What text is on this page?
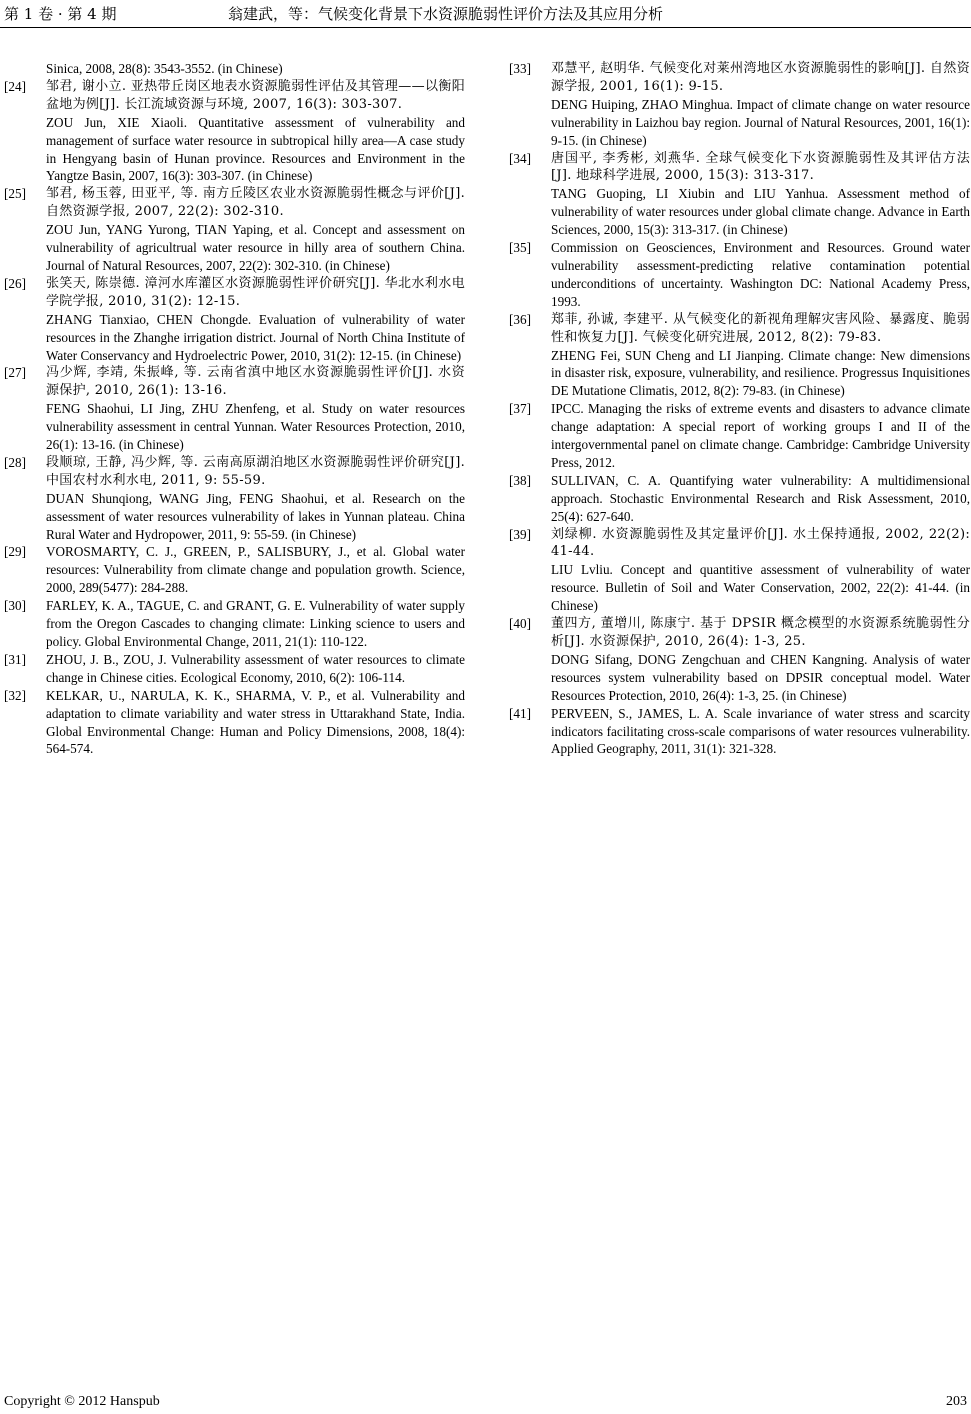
第 1 卷 · 第 4 期	翁建武，等：气候变化背景下水资源脆弱性评价方法及其应用分析

Sinica, 2008, 28(8): 3543-3552. (in Chinese)

[24] 邹君, 谢小立. 亚热带丘岗区地表水资源脆弱性评估及其管理——以衡阳盆地为例[J]. 长江流域资源与环境, 2007, 16(3): 303-307.

ZOU Jun, XIE Xiaoli. Quantitative assessment of vulnerability and management of surface water resource in subtropical hilly area—A case study in Hengyang basin of Hunan province. Resources and Environment in the Yangtze Basin, 2007, 16(3): 303-307. (in Chinese)

[25] 邹君, 杨玉蓉, 田亚平, 等. 南方丘陵区农业水资源脆弱性概念与评价[J]. 自然资源学报, 2007, 22(2): 302-310.

ZOU Jun, YANG Yurong, TIAN Yaping, et al. Concept and assessment on vulnerability of agricultrual water resource in hilly area of southern China. Journal of Natural Resources, 2007, 22(2): 302-310. (in Chinese)

[26] 张笑天, 陈崇德. 漳河水库灌区水资源脆弱性评价研究[J]. 华北水利水电学院学报, 2010, 31(2): 12-15.

ZHANG Tianxiao, CHEN Chongde. Evaluation of vulnerability of water resources in the Zhanghe irrigation district. Journal of North China Institute of Water Conservancy and Hydroelectric Power, 2010, 31(2): 12-15. (in Chinese)

[27] 冯少辉, 李靖, 朱振峰, 等. 云南省滇中地区水资源脆弱性评价[J]. 水资源保护, 2010, 26(1): 13-16.

FENG Shaohui, LI Jing, ZHU Zhenfeng, et al. Study on water resources vulnerability assessment in central Yunnan. Water Resources Protection, 2010, 26(1): 13-16. (in Chinese)

[28] 段顺琼, 王静, 冯少辉, 等. 云南高原湖泊地区水资源脆弱性评价研究[J]. 中国农村水利水电, 2011, 9: 55-59.

DUAN Shunqiong, WANG Jing, FENG Shaohui, et al. Research on the assessment of water resources vulnerability of lakes in Yunnan plateau. China Rural Water and Hydropower, 2011, 9: 55-59. (in Chinese)

[29] VOROSMARTY, C. J., GREEN, P., SALISBURY, J., et al. Global water resources: Vulnerability from climate change and population growth. Science, 2000, 289(5477): 284-288.

[30] FARLEY, K. A., TAGUE, C. and GRANT, G. E. Vulnerability of water supply from the Oregon Cascades to changing climate: Linking science to users and policy. Global Environmental Change, 2011, 21(1): 110-122.

[31] ZHOU, J. B., ZOU, J. Vulnerability assessment of water resources to climate change in Chinese cities. Ecological Economy, 2010, 6(2): 106-114.

[32] KELKAR, U., NARULA, K. K., SHARMA, V. P., et al. Vulnerability and adaptation to climate variability and water stress in Uttarakhand State, India. Global Environmental Change: Human and Policy Dimensions, 2008, 18(4): 564-574.

[33] 邓慧平, 赵明华. 气候变化对莱州湾地区水资源脆弱性的影响[J]. 自然资源学报, 2001, 16(1): 9-15.

DENG Huiping, ZHAO Minghua. Impact of climate change on water resource vulnerability in Laizhou bay region. Journal of Natural Resources, 2001, 16(1): 9-15. (in Chinese)

[34] 唐国平, 李秀彬, 刘燕华. 全球气候变化下水资源脆弱性及其评估方法[J]. 地球科学进展, 2000, 15(3): 313-317.

TANG Guoping, LI Xiubin and LIU Yanhua. Assessment method of vulnerability of water resources under global climate change. Advance in Earth Sciences, 2000, 15(3): 313-317. (in Chinese)

[35] Commission on Geosciences, Environment and Resources. Ground water vulnerability assessment-predicting relative contamination potential underconditions of uncertainty. Washington DC: National Academy Press, 1993.

[36] 郑菲, 孙诚, 李建平. 从气候变化的新视角理解灾害风险、暴露度、脆弱性和恢复力[J]. 气候变化研究进展, 2012, 8(2): 79-83.

ZHENG Fei, SUN Cheng and LI Jianping. Climate change: New dimensions in disaster risk, exposure, vulnerability, and resilience. Progressus Inquisitiones DE Mutatione Climatis, 2012, 8(2): 79-83. (in Chinese)

[37] IPCC. Managing the risks of extreme events and disasters to advance climate change adaptation: A special report of working groups I and II of the intergovernmental panel on climate change. Cambridge: Cambridge University Press, 2012.

[38] SULLIVAN, C. A. Quantifying water vulnerability: A multidimensional approach. Stochastic Environmental Research and Risk Assessment, 2010, 25(4): 627-640.

[39] 刘绿柳. 水资源脆弱性及其定量评价[J]. 水土保持通报, 2002, 22(2): 41-44.

LIU Lvliu. Concept and quantitive assessment of vulnerability of water resource. Bulletin of Soil and Water Conservation, 2002, 22(2): 41-44. (in Chinese)

[40] 董四方, 董增川, 陈康宁. 基于 DPSIR 概念模型的水资源系统脆弱性分析[J]. 水资源保护, 2010, 26(4): 1-3, 25.

DONG Sifang, DONG Zengchuan and CHEN Kangning. Analysis of water resources system vulnerability based on DPSIR conceptual model. Water Resources Protection, 2010, 26(4): 1-3, 25. (in Chinese)

[41] PERVEEN, S., JAMES, L. A. Scale invariance of water stress and scarcity indicators facilitating cross-scale comparisons of water resources vulnerability. Applied Geography, 2011, 31(1): 321-328.

Copyright © 2012 Hanspub	203
